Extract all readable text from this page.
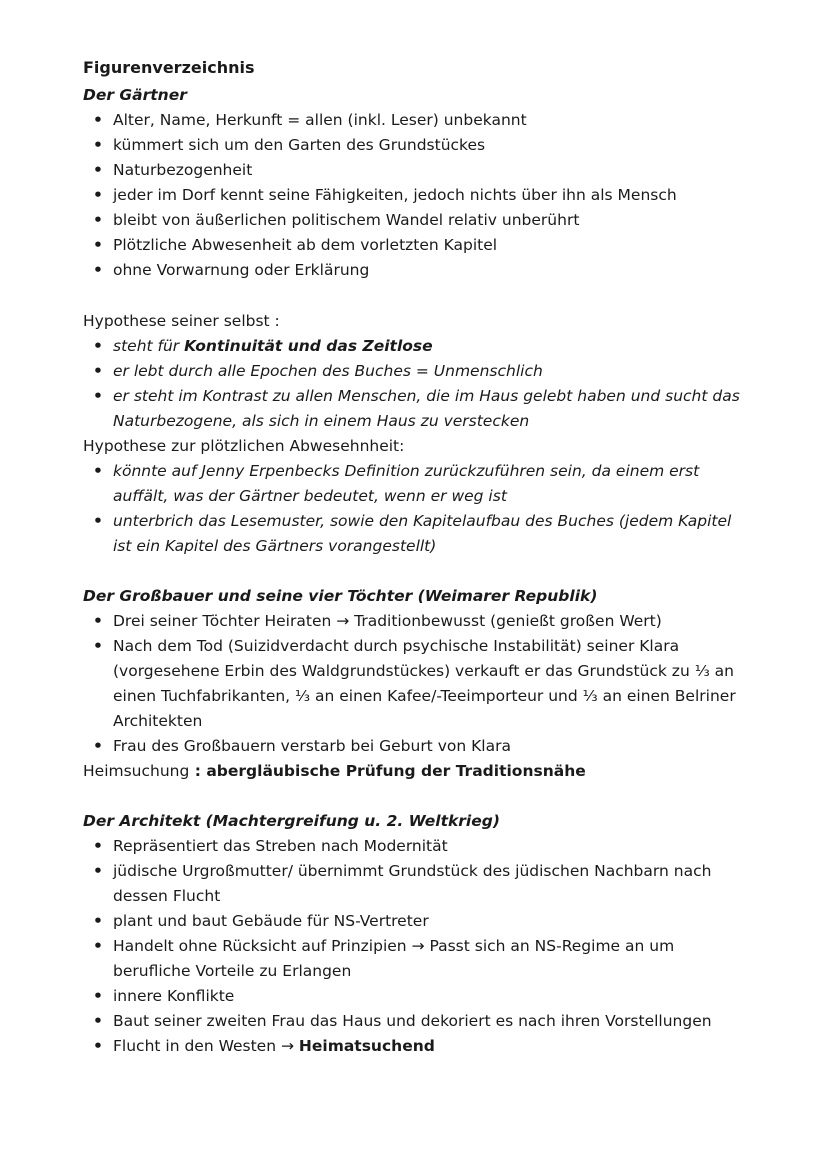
Figurenverzeichnis
Der Gärtner
• Alter, Name, Herkunft = allen (inkl. Leser) unbekannt
• kümmert sich um den Garten des Grundstückes
• Naturbezogenheit
• jeder im Dorf kennt seine Fähigkeiten, jedoch nichts über ihn als Mensch
• bleibt von äußerlichen politischem Wandel relativ unberührt
• Plötzliche Abwesenheit ab dem vorletzten Kapitel
• ohne Vorwarnung oder Erklärung
Hypothese seiner selbst :
• steht für Kontinuität und das Zeitlose
• er lebt durch alle Epochen des Buches = Unmenschlich
• er steht im Kontrast zu allen Menschen, die im Haus gelebt haben und sucht das
Naturbezogene, als sich in einem Haus zu verstecken
Hypothese zur plötzlichen Abwesehnheit:
• könnte auf Jenny Erpenbecks Definition zurückzuführen sein, da einem erst
auffält, was der Gärtner bedeutet, wenn er weg ist
• unterbrich das Lesemuster, sowie den Kapitelaufbau des Buches (jedem Kapitel
ist ein Kapitel des Gärtners vorangestellt)
Der Großbauer und seine vier Töchter (Weimarer Republik)
• Drei seiner Töchter Heiraten → Traditionbewusst (genießt großen Wert)
• Nach dem Tod (Suizidverdacht durch psychische Instabilität) seiner Klara
(vorgesehene Erbin des Waldgrundstückes) verkauft er das Grundstück zu ⅓ an
einen Tuchfabrikanten, ⅓ an einen Kafee/-Teeimporteur und ⅓ an einen Belriner
Architekten
• Frau des Großbauern verstarb bei Geburt von Klara
Heimsuchung : abergläubische Prüfung der Traditionsnähe
Der Architekt (Machtergreifung u. 2. Weltkrieg)
• Repräsentiert das Streben nach Modernität
• jüdische Urgroßmutter/ übernimmt Grundstück des jüdischen Nachbarn nach
dessen Flucht
• plant und baut Gebäude für NS-Vertreter
• Handelt ohne Rücksicht auf Prinzipien → Passt sich an NS-Regime an um
berufliche Vorteile zu Erlangen
• innere Konflikte
• Baut seiner zweiten Frau das Haus und dekoriert es nach ihren Vorstellungen
• Flucht in den Westen → Heimatsuchend
